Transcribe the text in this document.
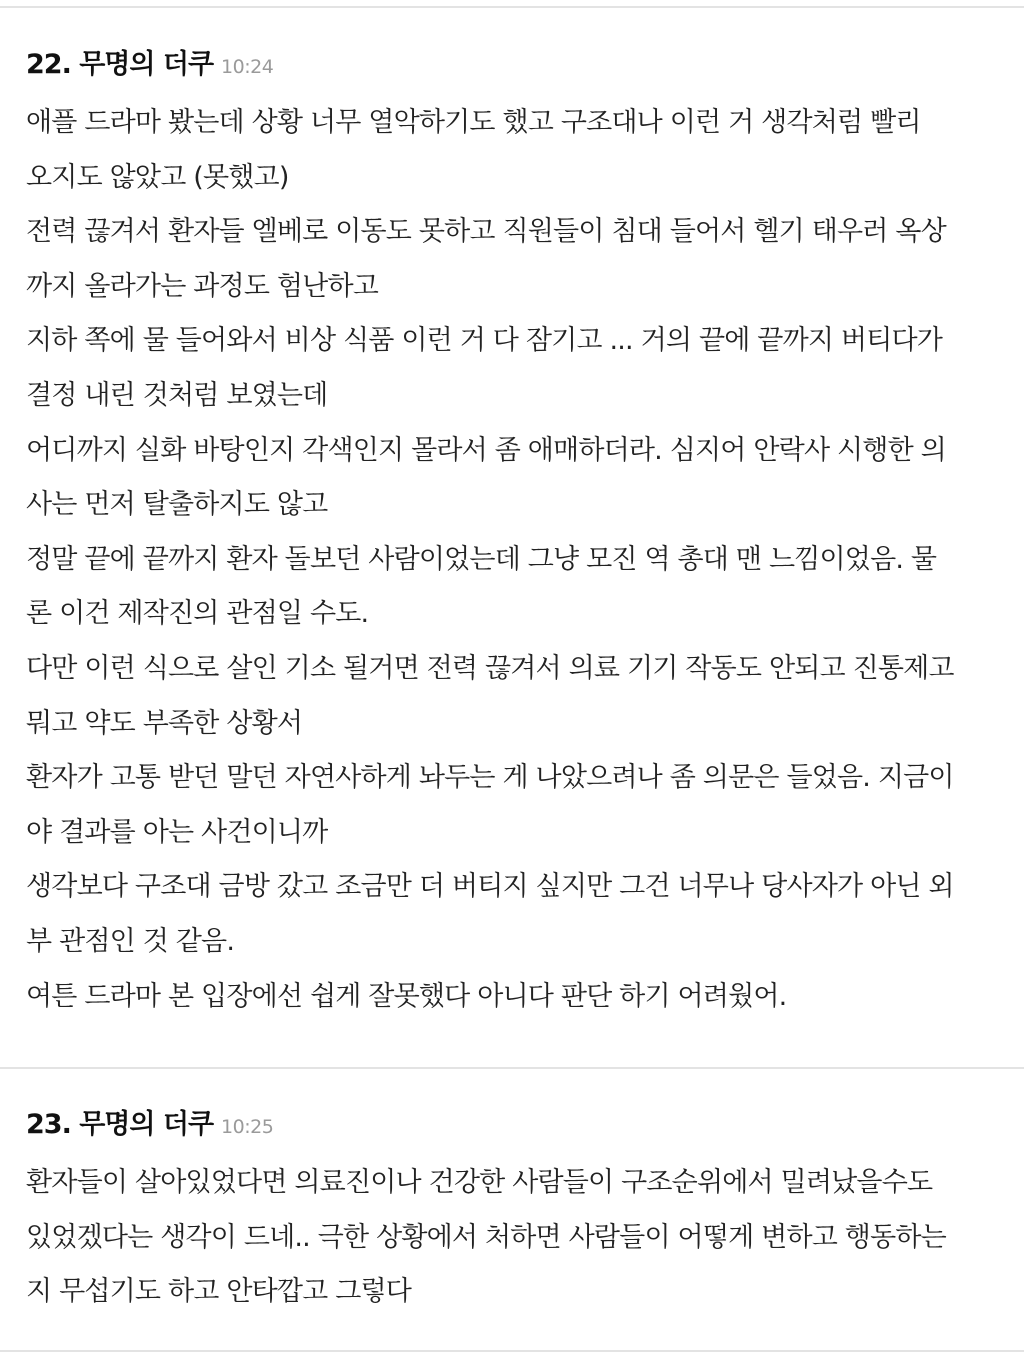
22. 무명의 더쿠 10:24
애플 드라마 봤는데 상황 너무 열악하기도 했고 구조대나 이런 거 생각처럼 빨리
오지도 않았고 (못했고)
전력 끊겨서 환자들 엘베로 이동도 못하고 직원들이 침대 들어서 헬기 태우러 옥상
까지 올라가는 과정도 험난하고
지하 쪽에 물 들어와서 비상 식품 이런 거 다 잠기고 ... 거의 끝에 끝까지 버티다가
결정 내린 것처럼 보였는데
어디까지 실화 바탕인지 각색인지 몰라서 좀 애매하더라. 심지어 안락사 시행한 의
사는 먼저 탈출하지도 않고
정말 끝에 끝까지 환자 돌보던 사람이었는데 그냥 모진 역 총대 맨 느낌이었음. 물
론 이건 제작진의 관점일 수도.
다만 이런 식으로 살인 기소 될거면 전력 끊겨서 의료 기기 작동도 안되고 진통제고
뭐고 약도 부족한 상황서
환자가 고통 받던 말던 자연사하게 놔두는 게 나았으려나 좀 의문은 들었음. 지금이
야 결과를 아는 사건이니까
생각보다 구조대 금방 갔고 조금만 더 버티지 싶지만 그건 너무나 당사자가 아닌 외
부 관점인 것 같음.
여튼 드라마 본 입장에선 쉽게 잘못했다 아니다 판단 하기 어려웠어.
23. 무명의 더쿠 10:25
환자들이 살아있었다면 의료진이나 건강한 사람들이 구조순위에서 밀려났을수도
있었겠다는 생각이 드네.. 극한 상황에서 처하면 사람들이 어떻게 변하고 행동하는
지 무섭기도 하고 안타깝고 그렇다
